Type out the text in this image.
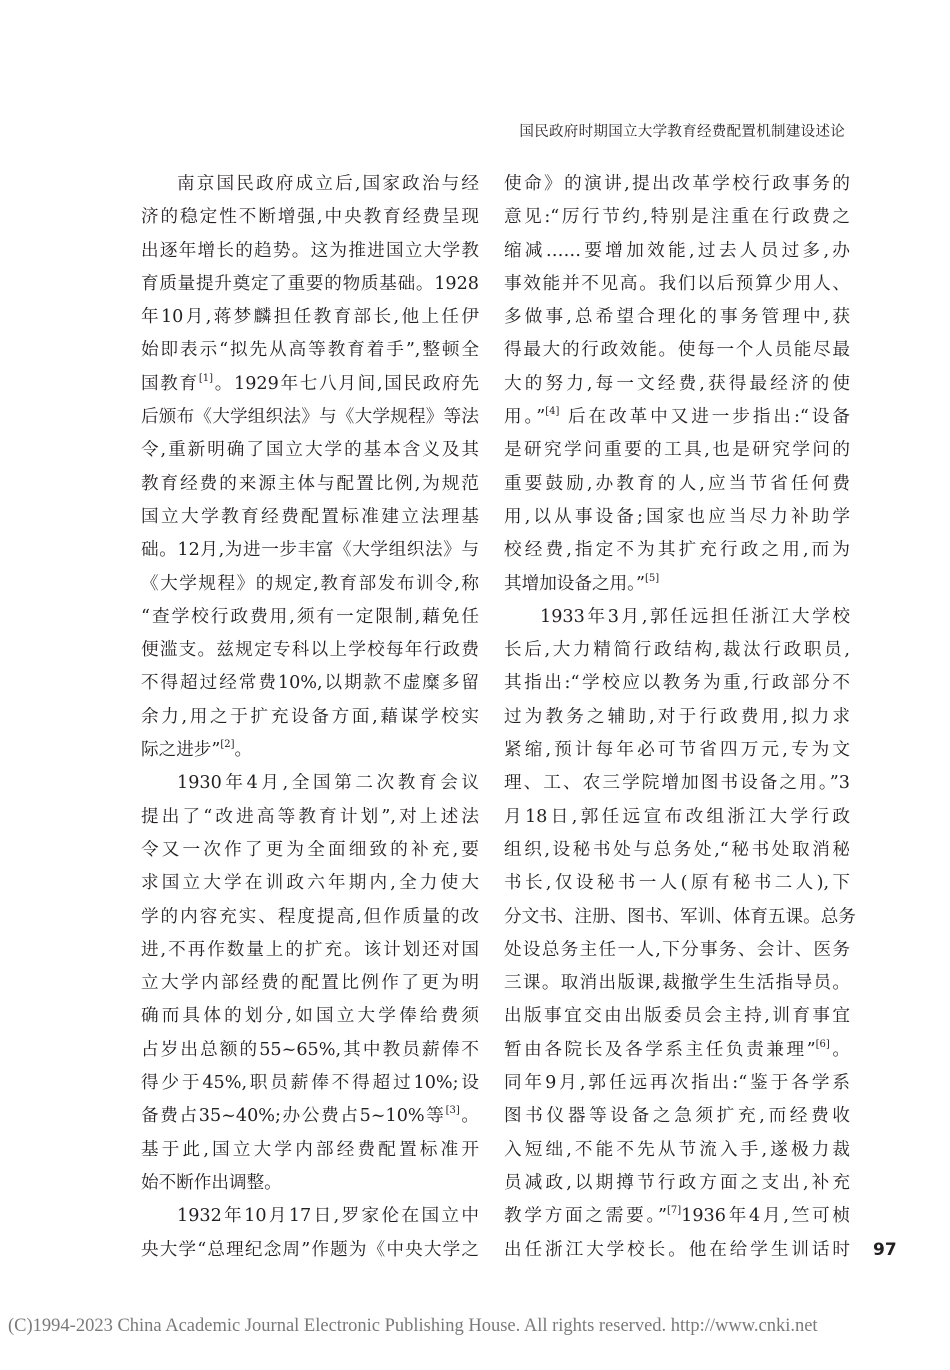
国民政府时期国立大学教育经费配置机制建设述论
南京国民政府成立后,国家政治与经
济的稳定性不断增强,中央教育经费呈现
出逐年增长的趋势。这为推进国立大学教
育质量提升奠定了重要的物质基础。1928
年10月,蒋梦麟担任教育部长,他上任伊
始即表示“拟先从高等教育着手”,整顿全
国教育[1]。1929年七八月间,国民政府先
后颁布《大学组织法》与《大学规程》等法
令,重新明确了国立大学的基本含义及其
教育经费的来源主体与配置比例,为规范
国立大学教育经费配置标准建立法理基
础。12月,为进一步丰富《大学组织法》与
《大学规程》的规定,教育部发布训令,称
“查学校行政费用,须有一定限制,藉免任
便滥支。兹规定专科以上学校每年行政费
不得超过经常费10%,以期款不虚糜多留
余力,用之于扩充设备方面,藉谋学校实
际之进步”[2]。
1930年4月,全国第二次教育会议
提出了“改进高等教育计划”,对上述法
令又一次作了更为全面细致的补充,要
求国立大学在训政六年期内,全力使大
学的内容充实、程度提高,但作质量的改
进,不再作数量上的扩充。该计划还对国
立大学内部经费的配置比例作了更为明
确而具体的划分,如国立大学俸给费须
占岁出总额的55~65%,其中教员薪俸不
得少于45%,职员薪俸不得超过10%;设
备费占35~40%;办公费占5~10%等[3]。
基于此,国立大学内部经费配置标准开
始不断作出调整。
1932年10月17日,罗家伦在国立中
央大学“总理纪念周”作题为《中央大学之
使命》的演讲,提出改革学校行政事务的
意见:“厉行节约,特别是注重在行政费之
缩减……要增加效能,过去人员过多,办
事效能并不见高。我们以后预算少用人、
多做事,总希望合理化的事务管理中,获
得最大的行政效能。使每一个人员能尽最
大的努力,每一文经费,获得最经济的使
用。”[4] 后在改革中又进一步指出:“设备
是研究学问重要的工具,也是研究学问的
重要鼓励,办教育的人,应当节省任何费
用,以从事设备;国家也应当尽力补助学
校经费,指定不为其扩充行政之用,而为
其增加设备之用。”[5]
1933年3月,郭任远担任浙江大学校
长后,大力精简行政结构,裁汰行政职员,
其指出:“学校应以教务为重,行政部分不
过为教务之辅助,对于行政费用,拟力求
紧缩,预计每年必可节省四万元,专为文
理、工、农三学院增加图书设备之用。”3
月18日,郭任远宣布改组浙江大学行政
组织,设秘书处与总务处,“秘书处取消秘
书长,仅设秘书一人(原有秘书二人),下
分文书、注册、图书、军训、体育五课。总务
处设总务主任一人,下分事务、会计、医务
三课。取消出版课,裁撤学生生活指导员。
出版事宜交由出版委员会主持,训育事宜
暂由各院长及各学系主任负责兼理”[6]。
同年9月,郭任远再次指出:“鉴于各学系
图书仪器等设备之急须扩充,而经费收
入短绌,不能不先从节流入手,遂极力裁
员减政,以期撙节行政方面之支出,补充
教学方面之需要。”[7]1936年4月,竺可桢
出任浙江大学校长。他在给学生训话时 97
(C)1994-2023 China Academic Journal Electronic Publishing House. All rights reserved. http://www.cnki.net
